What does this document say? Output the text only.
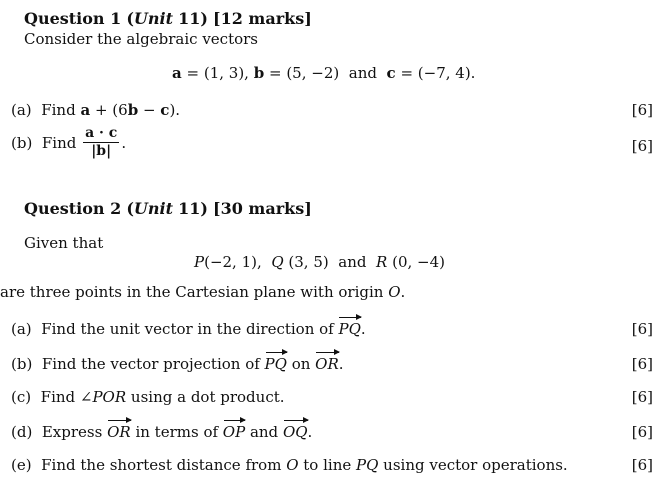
Question 1 (Unit 11) [12 marks]
Consider the algebraic vectors
a = (1, 3), b = (5, −2) and c = (−7, 4).
(a) Find a + (6b − c).	[6]
(b) Find $\frac{a \cdot c}{|b|}$ .	[6]
Question 2 (Unit 11) [30 marks]
Given that
P(−2, 1), Q (3, 5) and R (0, −4)
are three points in the Cartesian plane with origin O.
(a) Find the unit vector in the direction of PQ.	[6]
(b) Find the vector projection of PQ on OR.	[6]
(c) Find ∠POR using a dot product.	[6]
(d) Express OR in terms of OP and OQ.	[6]
(e) Find the shortest distance from O to line PQ using vector operations.	[6]
